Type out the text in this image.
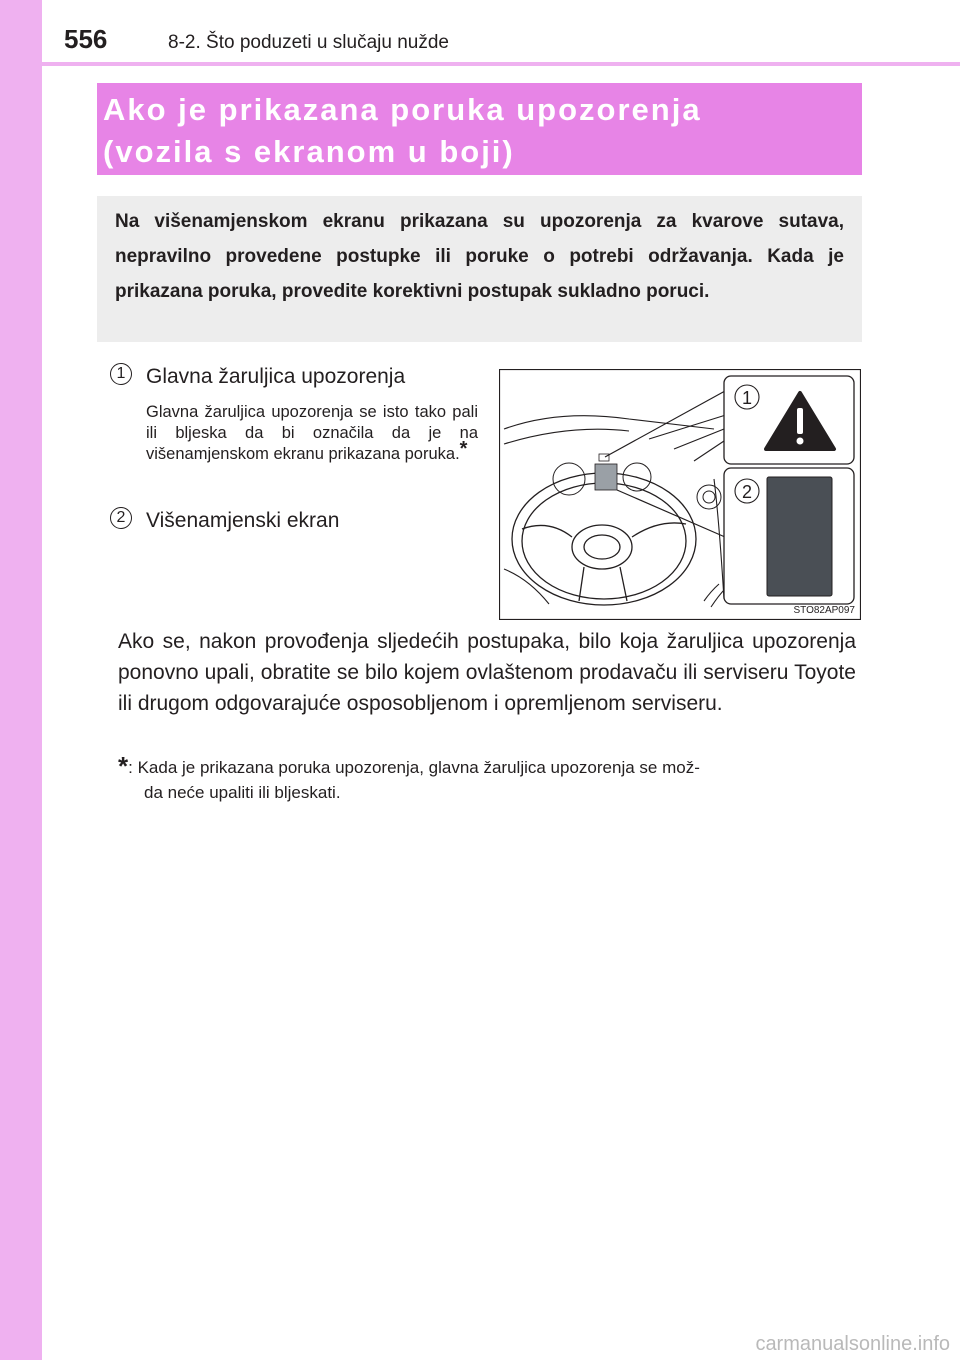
556	8-2. Što poduzeti u slučaju nužde
Ako je prikazana poruka upozorenja
(vozila s ekranom u boji)

Na višenamjenskom ekranu prikazana su upozorenja za kvarove sutava, nepravilno provedene postupke ili poruke o potrebi održavanja. Kada je prikazana poruka, provedite korektivni postupak sukladno poruci.

1 Glavna žaruljica upozorenja

Glavna žaruljica upozorenja se isto tako pali ili bljeska da bi označila da je na višenamjenskom ekranu prikazana poruka.*

2 Višenamjenski ekran
1
2
STO82AP097

Ako se, nakon provođenja sljedećih postupaka, bilo koja žaruljica upozorenja ponovno upali, obratite se bilo kojem ovlaštenom prodavaču ili serviseru Toyote ili drugom odgovarajuće osposobljenom i opremljenom serviseru.

*: Kada je prikazana poruka upozorenja, glavna žaruljica upozorenja se mož-
da neće upaliti ili bljeskati.
carmanualsonline.info
